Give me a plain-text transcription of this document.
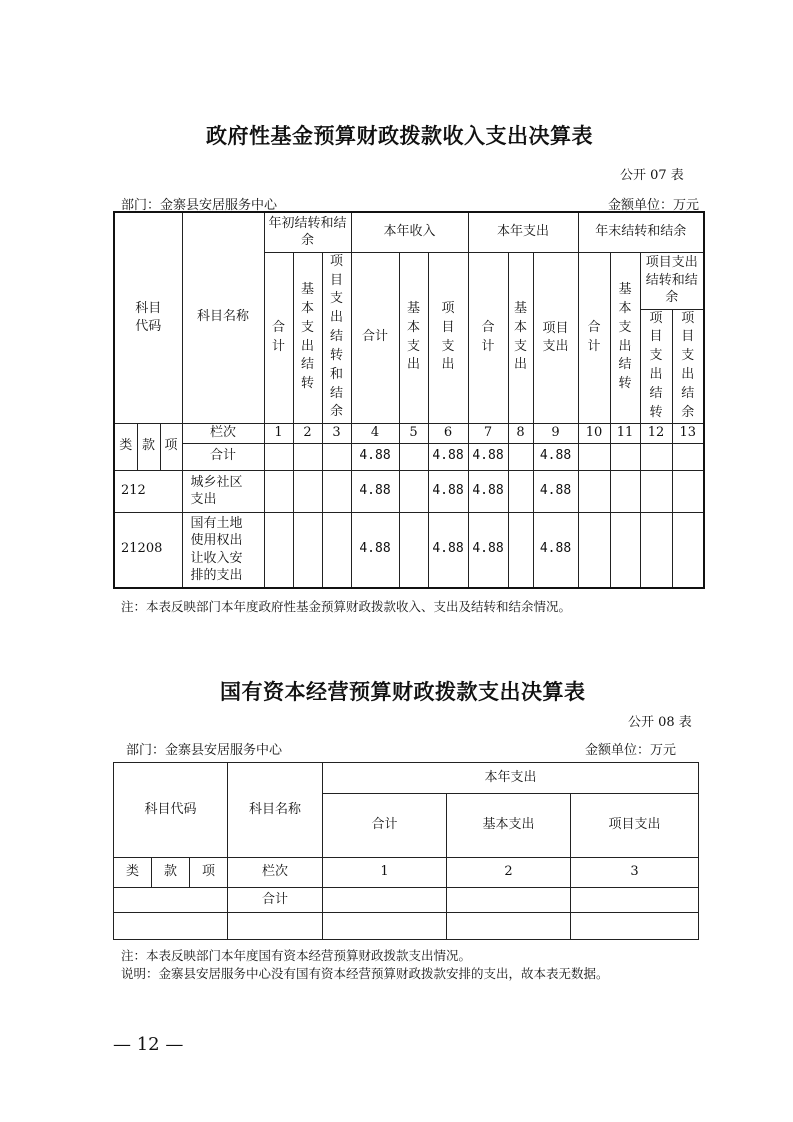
政府性基金预算财政拨款收入支出决算表
公开 07 表
部门：金寨县安居服务中心	金额单位：万元
科目代码			科目名称	年初结转和结余			本年收入			本年支出			年末结转和结余			

				合计	基本支出结转	项目支出结转和结余	合计	基本支出	项目支出	合计	基本支出	项目支出	合计	基本支出结转	项目支出结转和结余	

															项目支出结转	项目支出结余

类	款	项	栏次	1	2	3	4	5	6	7	8	9	10	11	12	13
			合计				4.88		4.88	4.88		4.88				
212			城乡社区支出				4.88		4.88	4.88		4.88				
21208			国有土地使用权出让收入安排的支出				4.88		4.88	4.88		4.88				
注：本表反映部门本年度政府性基金预算财政拨款收入、支出及结转和结余情况。
国有资本经营预算财政拨款支出决算表
公开 08 表
部门：金寨县安居服务中心	金额单位：万元
科目代码			科目名称	本年支出		
				合计	基本支出	项目支出
类	款	项	栏次	1	2	3
			合计			

注：本表反映部门本年度国有资本经营预算财政拨款支出情况。
说明：金寨县安居服务中心没有国有资本经营预算财政拨款安排的支出，故本表无数据。
— 12 —
